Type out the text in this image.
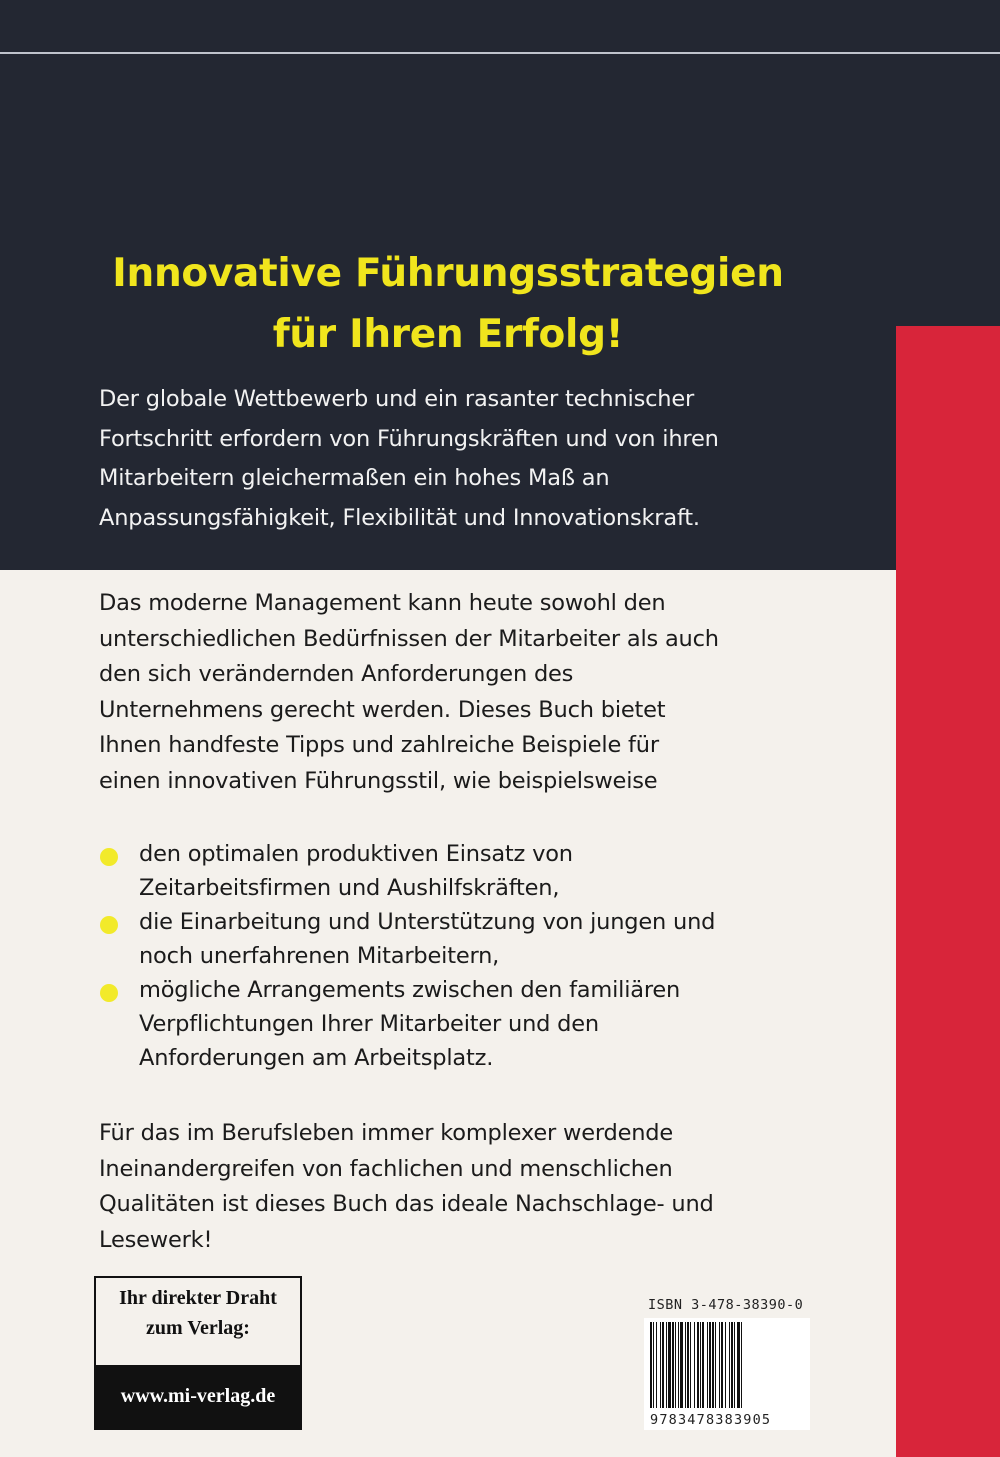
Innovative Führungsstrategien
für Ihren Erfolg!
Der globale Wettbewerb und ein rasanter technischer
Fortschritt erfordern von Führungskräften und von ihren
Mitarbeitern gleichermaßen ein hohes Maß an
Anpassungsfähigkeit, Flexibilität und Innovationskraft.
Das moderne Management kann heute sowohl den
unterschiedlichen Bedürfnissen der Mitarbeiter als auch
den sich verändernden Anforderungen des
Unternehmens gerecht werden. Dieses Buch bietet
Ihnen handfeste Tipps und zahlreiche Beispiele für
einen innovativen Führungsstil, wie beispielsweise
den optimalen produktiven Einsatz von
Zeitarbeitsfirmen und Aushilfskräften,
die Einarbeitung und Unterstützung von jungen und
noch unerfahrenen Mitarbeitern,
mögliche Arrangements zwischen den familiären
Verpflichtungen Ihrer Mitarbeiter und den
Anforderungen am Arbeitsplatz.
Für das im Berufsleben immer komplexer werdende
Ineinandergreifen von fachlichen und menschlichen
Qualitäten ist dieses Buch das ideale Nachschlage- und
Lesewerk!
Ihr direkter Draht
zum Verlag:
www.mi-verlag.de
ISBN 3-478-38390-0
9783478383905
